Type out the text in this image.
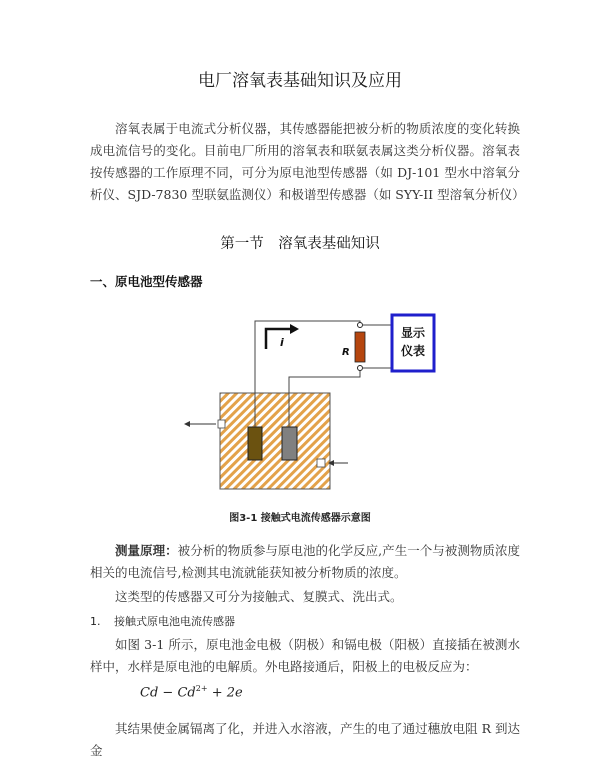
电厂溶氧表基础知识及应用

溶氧表属于电流式分析仪器，其传感器能把被分析的物质浓度的变化转换成电流信号的变化。目前电厂所用的溶氧表和联氨表属这类分析仪器。溶氧表按传感器的工作原理不同，可分为原电池型传感器（如 DJ-101 型水中溶氧分析仪、SJD-7830 型联氨监测仪）和极谱型传感器（如 SYY-II 型溶氧分析仪）

第一节　溶氧表基础知识
一、原电池型传感器
显示
仪表
R
i
图3-1 接触式电流传感器示意图

测量原理：被分析的物质参与原电池的化学反应,产生一个与被测物质浓度相关的电流信号,检测其电流就能获知被分析物质的浓度。

这类型的传感器又可分为接触式、复膜式、洗出式。

1. 接触式原电池电流传感器

如图 3-1 所示，原电池金电极（阴极）和镉电极（阳极）直接插在被测水样中，水样是原电池的电解质。外电路接通后，阳极上的电极反应为：

$Cd - Cd^{2+} + 2e$

其结果使金属镉离了化，并进入水溶液，产生的电了通过穗放电阻 R 到达金
